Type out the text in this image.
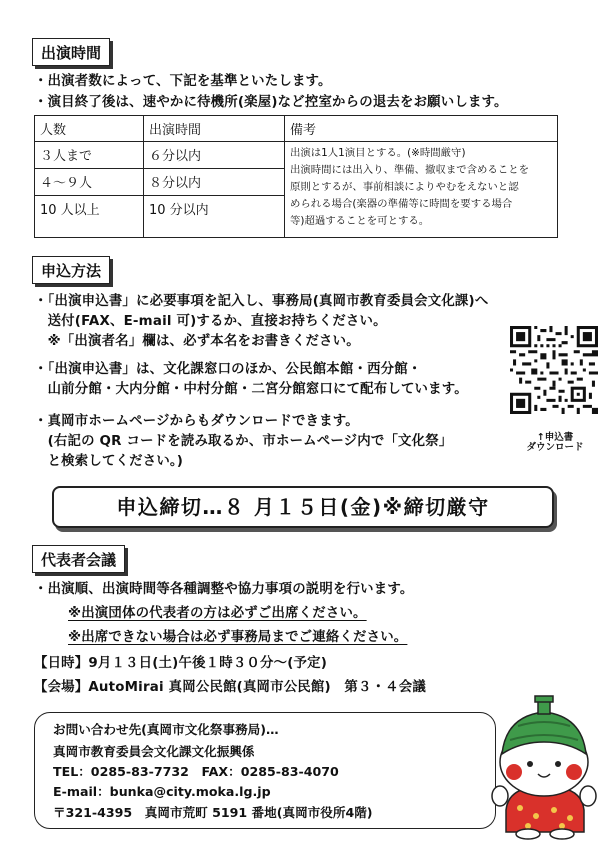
出演時間
・出演者数によって、下記を基準といたします。
・演目終了後は、速やかに待機所(楽屋)など控室からの退去をお願いします。
人数	出演時間	備考
３人まで	６分以内	出演は1人1演目とする。(※時間厳守)
出演時間には出入り、準備、撤収まで含めることを
原則とするが、事前相談によりやむをえないと認
められる場合(楽器の準備等に時間を要する場合
等)超過することを可とする。

４～９人	８分以内	
10 人以上	10 分以内	
申込方法
・「出演申込書」に必要事項を記入し、事務局(真岡市教育委員会文化課)へ
　送付(FAX、E-mail 可)するか、直接お持ちください。
　※「出演者名」欄は、必ず本名をお書きください。
・「出演申込書」は、文化課窓口のほか、公民館本館・西分館・
　山前分館・大内分館・中村分館・二宮分館窓口にて配布しています。
・真岡市ホームページからもダウンロードできます。
　(右記の QR コードを読み取るか、市ホームページ内で「文化祭」
　と検索してください。)
↑申込書
ダウンロード
申込締切…８ 月１５日(金)※締切厳守
代表者会議
・出演順、出演時間等各種調整や協力事項の説明を行います。
※出演団体の代表者の方は必ずご出席ください。
※出席できない場合は必ず事務局までご連絡ください。
【日時】9月１３日(土)午後１時３０分～(予定)
【会場】AutoMirai 真岡公民館(真岡市公民館)　第３・４会議
お問い合わせ先(真岡市文化祭事務局)…
真岡市教育委員会文化課文化振興係
TEL：0285-83-7732　FAX：0285-83-4070
E-mail：bunka@city.moka.lg.jp
〒321-4395　真岡市荒町 5191 番地(真岡市役所4階)
